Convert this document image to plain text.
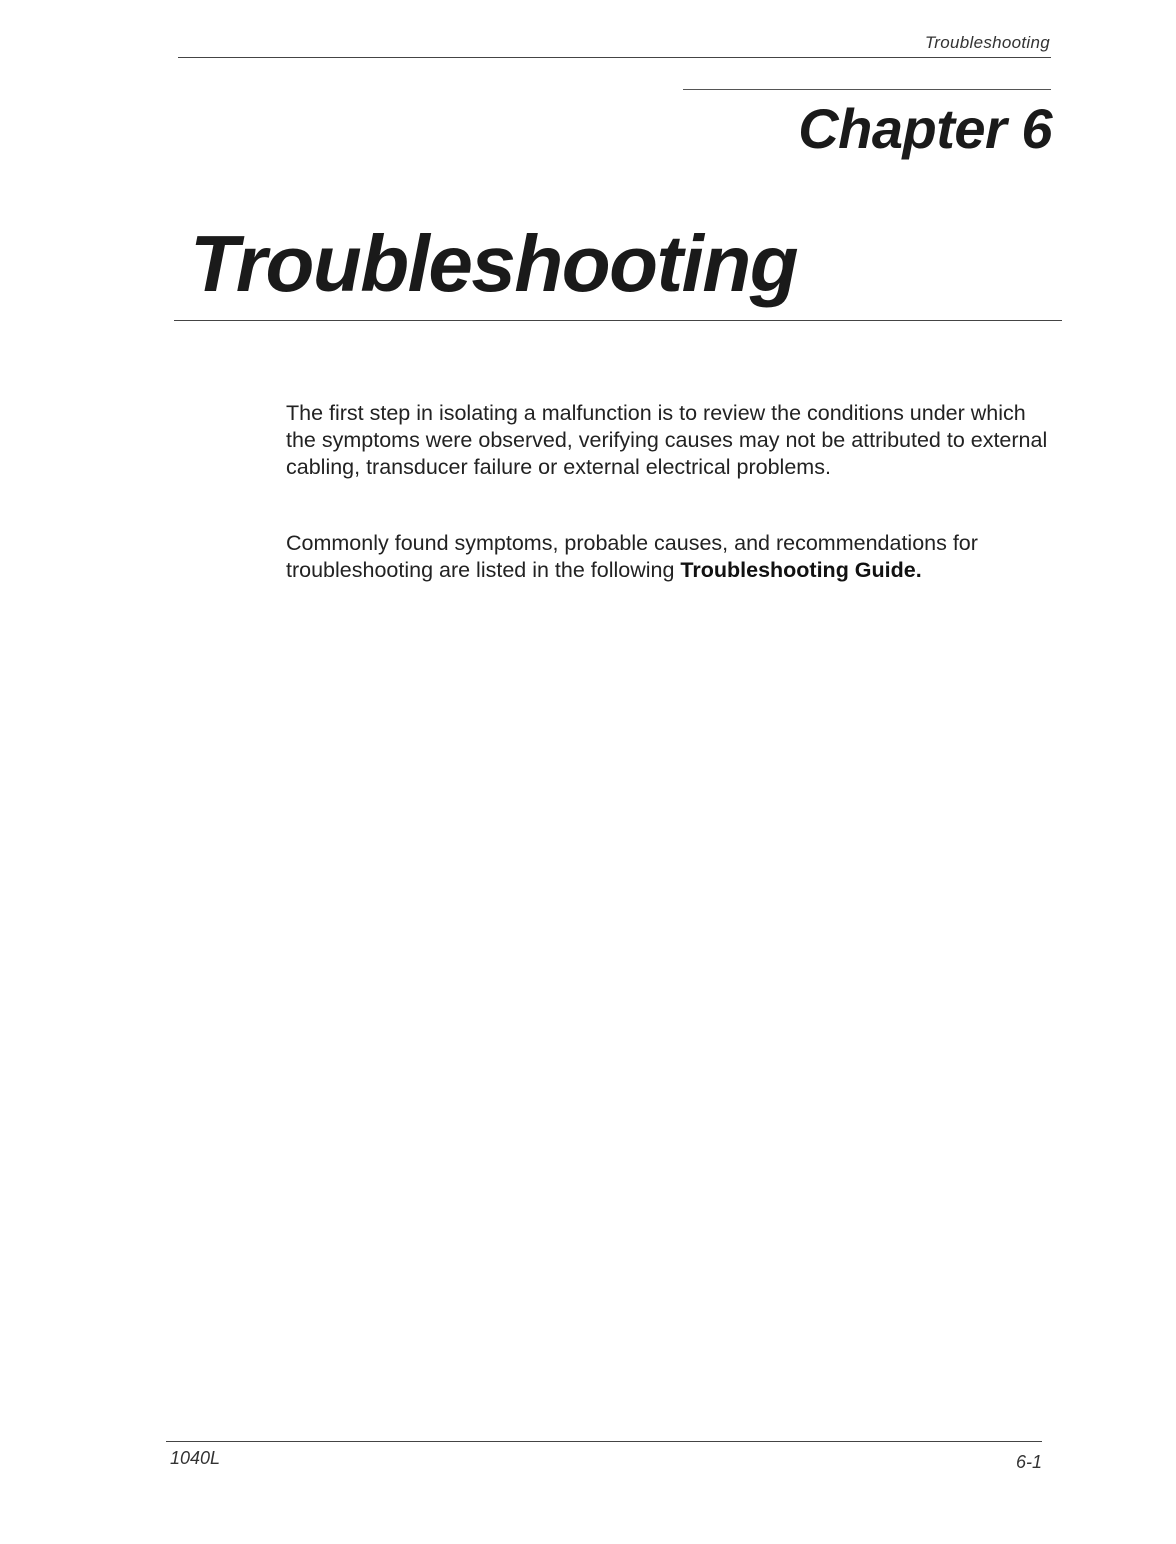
Troubleshooting
Chapter 6
Troubleshooting
The first step in isolating a malfunction is to review the conditions under which the symptoms were observed, verifying causes may not be attributed to external cabling, transducer failure or external electrical problems.
Commonly found symptoms, probable causes, and recommendations for troubleshooting are listed in the following Troubleshooting Guide.
1040L	6-1
